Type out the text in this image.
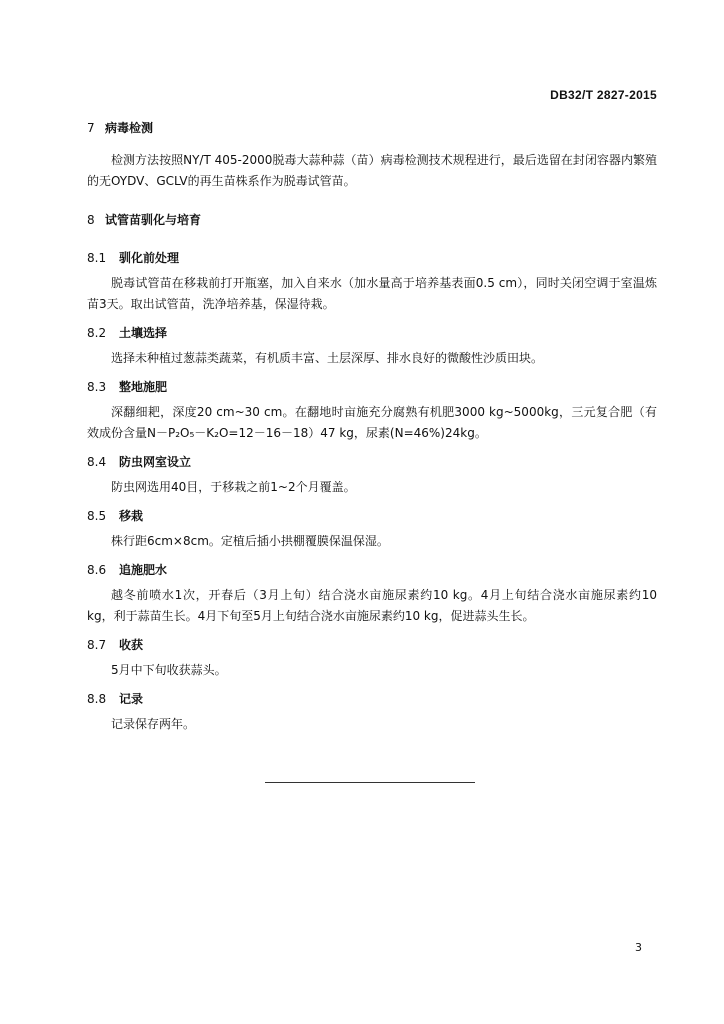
DB32/T 2827-2015
7 病毒检测

检测方法按照NY/T 405-2000脱毒大蒜种蒜（苗）病毒检测技术规程进行，最后选留在封闭容器内繁殖的无OYDV、GCLV的再生苗株系作为脱毒试管苗。

8 试管苗驯化与培育
8.1 驯化前处理

脱毒试管苗在移栽前打开瓶塞，加入自来水（加水量高于培养基表面0.5 cm），同时关闭空调于室温炼苗3天。取出试管苗，洗净培养基，保湿待栽。

8.2 土壤选择

选择未种植过葱蒜类蔬菜，有机质丰富、土层深厚、排水良好的微酸性沙质田块。

8.3 整地施肥

深翻细耙，深度20 cm~30 cm。在翻地时亩施充分腐熟有机肥3000 kg~5000kg，三元复合肥（有效成份含量N－P₂O₅－K₂O=12－16－18）47 kg，尿素(N=46%)24kg。

8.4 防虫网室设立

防虫网选用40目，于移栽之前1~2个月覆盖。

8.5 移栽

株行距6cm×8cm。定植后插小拱棚覆膜保温保湿。

8.6 追施肥水

越冬前喷水1次，开春后（3月上旬）结合浇水亩施尿素约10 kg。4月上旬结合浇水亩施尿素约10 kg，利于蒜苗生长。4月下旬至5月上旬结合浇水亩施尿素约10 kg，促进蒜头生长。

8.7 收获

5月中下旬收获蒜头。

8.8 记录

记录保存两年。

3
